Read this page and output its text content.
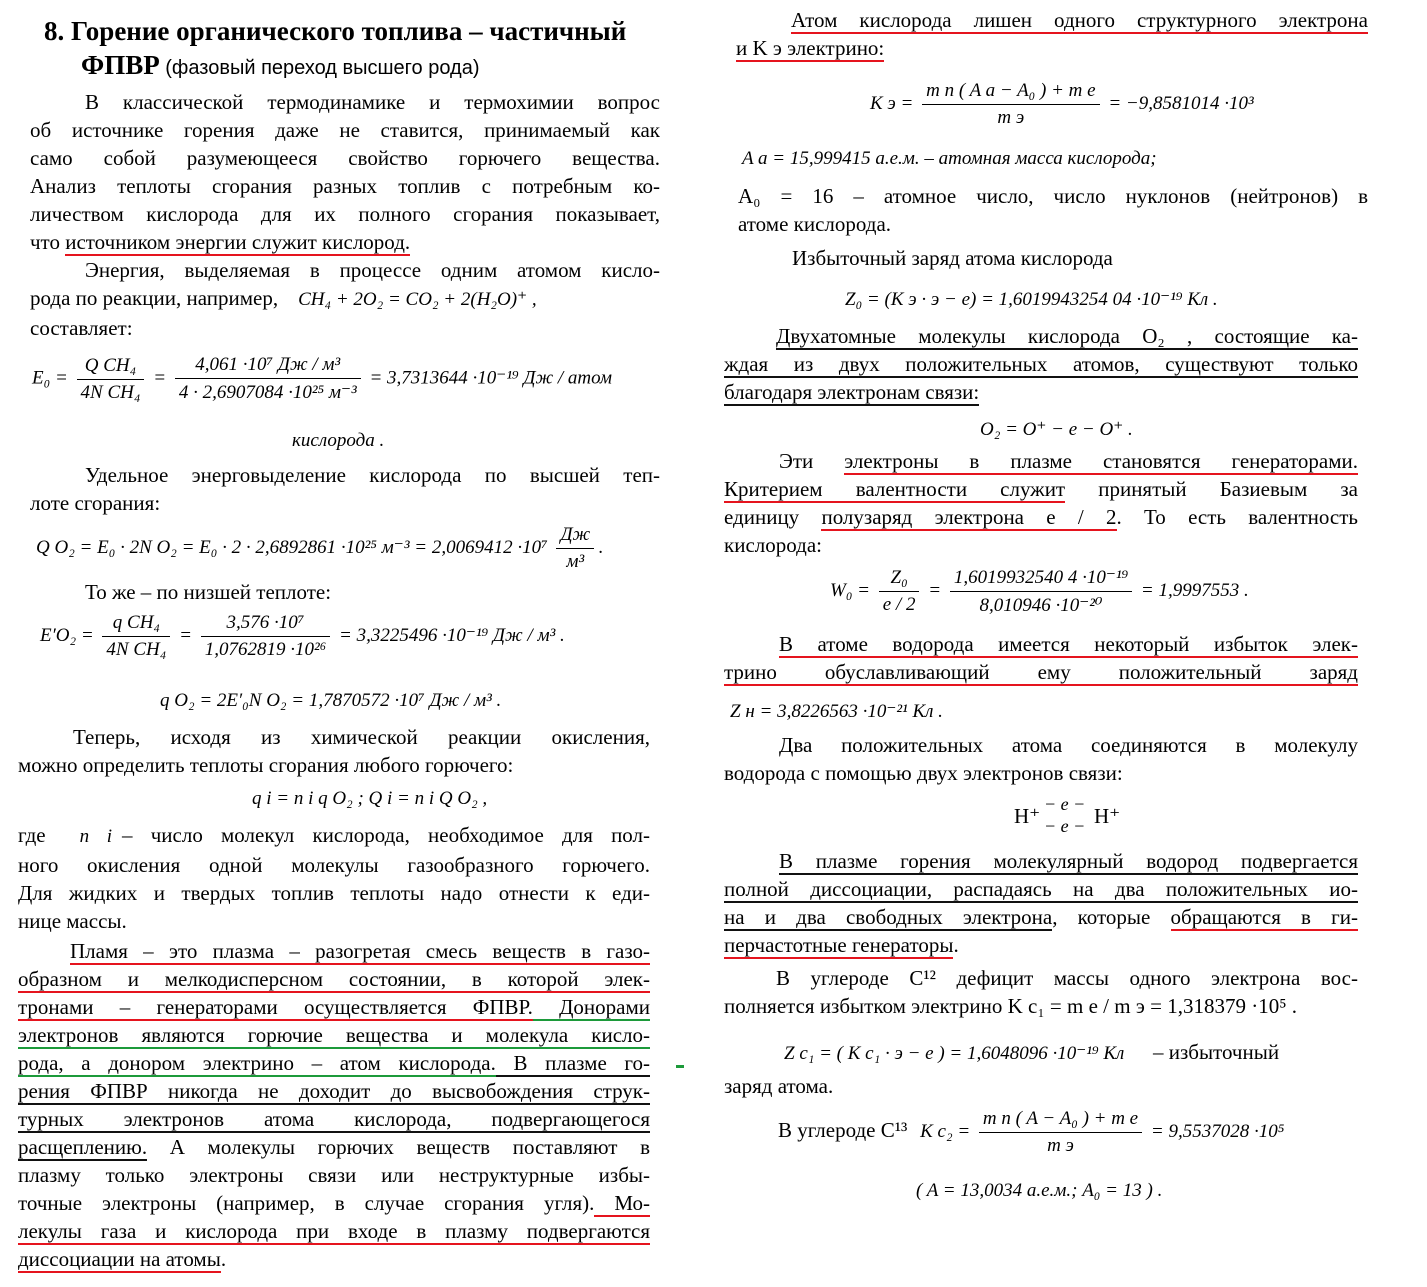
8. Горение органического топлива – частичный
ФПВР (фазовый переход высшего рода)
В классической термодинамике и термохимии вопрос
об источнике горения даже не ставится, принимаемый как
само собой разумеющееся свойство горючего вещества.
Анализ теплоты сгорания разных топлив с потребным ко-
личеством кислорода для их полного сгорания показывает,
что источником энергии служит кислород.
Энергия, выделяемая в процессе одним атомом кисло-
рода по реакции, например, CH₄ + 2O₂ = CO₂ + 2(H₂O)⁺ ,
составляет:
$E_0 = \frac{\text{Q CH₄}}{\text{4N CH₄}} = \frac{\text{4,061 ·10⁷ Дж / м³}}{\text{4 · 2,6907084 ·10²⁵ м⁻³}} = 3,7313644 \cdot 10^{-19}$ Дж / атом
кислорода .
Удельное энерговыделение кислорода по высшей теп-
лоте сгорания:
Q O₂ = E₀ · 2N O₂ = E₀ · 2 · 2,6892861 ·10²⁵ $м^{-3} = 2,0069412 \cdot 10^7 \frac{Дж}{\text{м³}}$ .
То же – по низшей теплоте:
$E'O_2 = \frac{\text{q CH₄}}{\text{4N CH₄}} = \frac{\text{3,576 ·10⁷}}{\text{1,0762819 ·10²⁶}} = 3,3225496 \cdot 10^{-19}$ Дж / м³ .
q O₂ = 2E′₀N O₂ = 1,7870572 ·10⁷ Дж / м³ .
Теперь, исходя из химической реакции окисления,
можно определить теплоты сгорания любого горючего:
q i = n i q O₂ ; Q i = n i Q O₂ ,
где n i – число молекул кислорода, необходимое для пол-
ного окисления одной молекулы газообразного горючего.
Для жидких и твердых топлив теплоты надо отнести к еди-
нице массы.
Пламя – это плазма – разогретая смесь веществ в газо-
образном и мелкодисперсном состоянии, в которой элек-
тронами – генераторами осуществляется ФПВР. Донорами
электронов являются горючие вещества и молекула кисло-
рода, а донором электрино – атом кислорода. В плазме го-
рения ФПВР никогда не доходит до высвобождения струк-
турных электронов атома кислорода, подвергающегося
расщеплению. А молекулы горючих веществ поставляют в
плазму только электроны связи или неструктурные избы-
точные электроны (например, в случае сгорания угля). Мо-
лекулы газа и кислорода при входе в плазму подвергаются
диссоциации на атомы.
Атом кислорода лишен одного структурного электрона
и K э электрино:
K $э = \frac{\text{m n ( A a − A₀ ) + m e}}{\text{m э}} = -9,8581014 \cdot 10^3$
A a = 15,999415 а.е.м. – атомная масса кислорода;
A₀ = 16 – атомное число, число нуклонов (нейтронов) в
атоме кислорода.
Избыточный заряд атома кислорода
Z₀ = (K э · э − e) = 1,6019943254 04 ·10⁻¹⁹ Кл .
Двухатомные молекулы кислорода O₂ , состоящие ка-
ждая из двух положительных атомов, существуют только
благодаря электронам связи:
O₂ = O⁺ − e − O⁺ .
Эти электроны в плазме становятся генераторами.
Критерием валентности служит принятый Базиевым за
единицу полузаряд электрона e / 2. То есть валентность
кислорода:
$W_0 = \frac{\text{Z₀}}{e / 2} = \frac{\text{1,6019932540 4 ·10⁻¹⁹}}{\text{8,010946 ·10⁻²⁰}} = 1,9997553$ .
В атоме водорода имеется некоторый избыток элек-
трино обуславливающий ему положительный заряд
Z н = 3,8226563 ·10⁻²¹ Кл .
Два положительных атома соединяются в молекулу
водорода с помощью двух электронов связи:
H⁺ − e −
− e − H⁺
В плазме горения молекулярный водород подвергается
полной диссоциации, распадаясь на два положительных ио-
на и два свободных электрона, которые обращаются в ги-
перчастотные генераторы.
В углероде C¹² дефицит массы одного электрона вос-
полняется избытком электрино K c₁ = m e / m э = 1,318379 ·10⁵ .
Z c₁ = ( K c₁ · э − e ) = 1,6048096 ·10⁻¹⁹ Кл – избыточный
заряд атома.
В углероде C¹³ K $c_2 = \frac{\text{m n ( A − A₀ ) + m e}}{\text{m э}} = 9,5537028 \cdot 10^5$
( A = 13,0034 а.е.м.; A₀ = 13 ) .
